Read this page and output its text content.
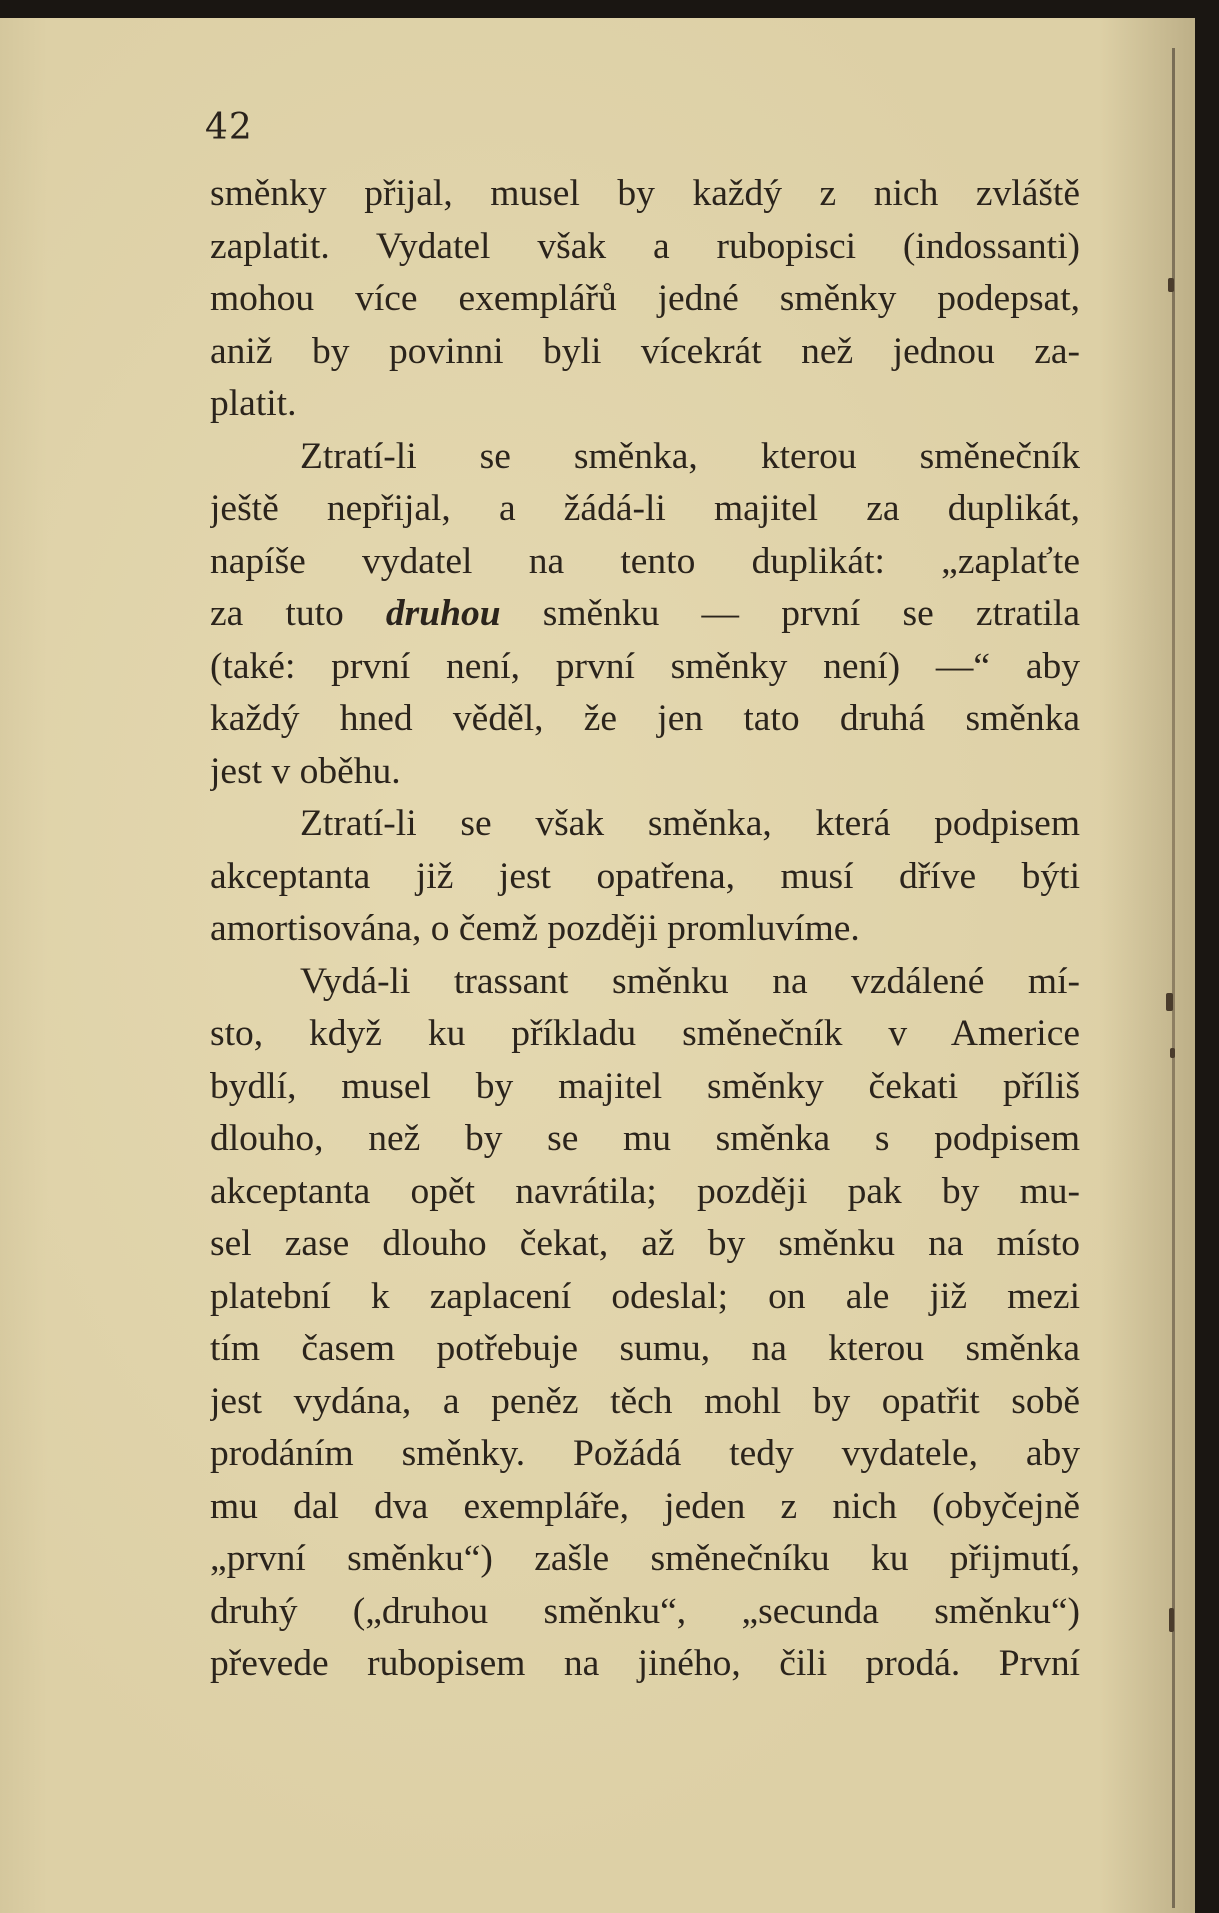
42
směnky přijal, musel by každý z nich zvláště
zaplatit. Vydatel však a rubopisci (indossanti)
mohou více exemplářů jedné směnky podepsat,
aniž by povinni byli vícekrát než jednou za-
platit.
Ztratí-li se směnka, kterou směnečník
ještě nepřijal, a žádá-li majitel za duplikát,
napíše vydatel na tento duplikát: „zaplaťte
za tuto druhou směnku — první se ztratila
(také: první není, první směnky není) —“ aby
každý hned věděl, že jen tato druhá směnka
jest v oběhu.
Ztratí-li se však směnka, která podpisem
akceptanta již jest opatřena, musí dříve býti
amortisována, o čemž později promluvíme.
Vydá-li trassant směnku na vzdálené mí-
sto, když ku příkladu směnečník v Americe
bydlí, musel by majitel směnky čekati příliš
dlouho, než by se mu směnka s podpisem
akceptanta opět navrátila; později pak by mu-
sel zase dlouho čekat, až by směnku na místo
platební k zaplacení odeslal; on ale již mezi
tím časem potřebuje sumu, na kterou směnka
jest vydána, a peněz těch mohl by opatřit sobě
prodáním směnky. Požádá tedy vydatele, aby
mu dal dva exempláře, jeden z nich (obyčejně
„první směnku“) zašle směnečníku ku přijmutí,
druhý („druhou směnku“, „secunda směnku“)
převede rubopisem na jiného, čili prodá. První
